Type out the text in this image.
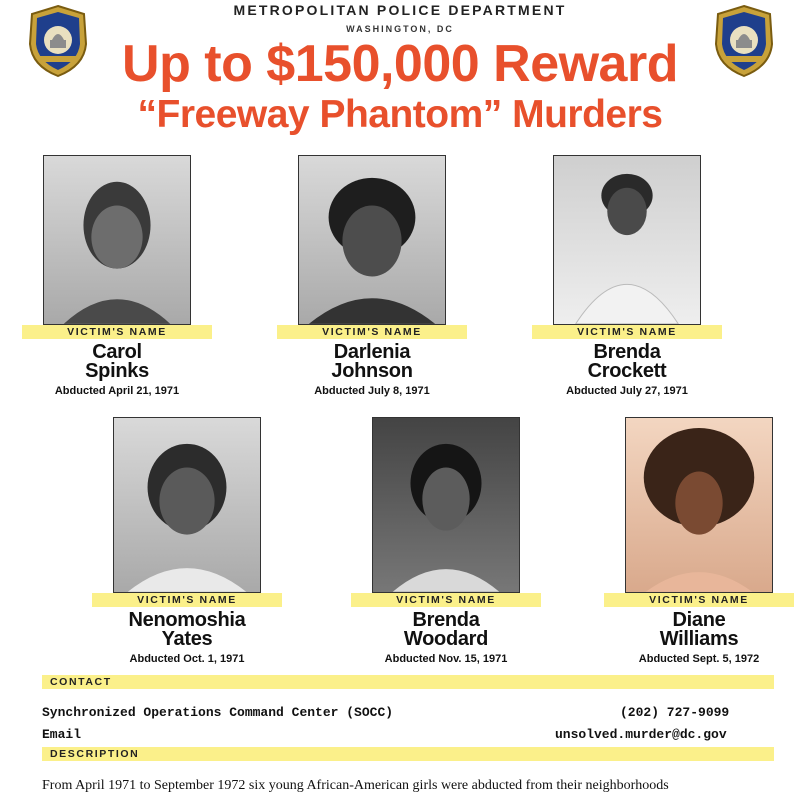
METROPOLITAN POLICE DEPARTMENT
WASHINGTON, DC
Up to $150,000 Reward
“Freeway Phantom” Murders
VICTIM'S NAME
Carol
Spinks
Abducted April 21, 1971
VICTIM'S NAME
Darlenia
Johnson
Abducted July 8, 1971
VICTIM'S NAME
Brenda
Crockett
Abducted July 27, 1971
VICTIM'S NAME
Nenomoshia
Yates
Abducted Oct. 1, 1971
VICTIM'S NAME
Brenda
Woodard
Abducted Nov. 15, 1971
VICTIM'S NAME
Diane
Williams
Abducted Sept. 5, 1972
CONTACT
Synchronized Operations Command Center (SOCC)	(202) 727-9099
Email	unsolved.murder@dc.gov
DESCRIPTION
From April 1971 to September 1972 six young African-American girls were abducted from their neighborhoods
